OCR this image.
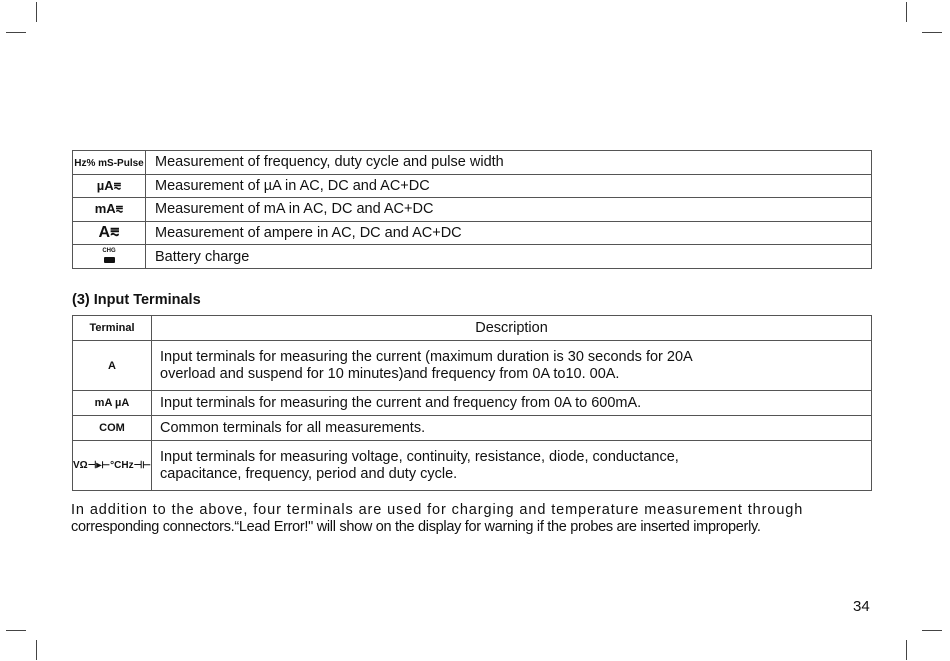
Hz% mS-Pulse	Measurement of frequency, duty cycle and pulse width
µA⩳	Measurement of µA in AC, DC and AC+DC
mA⩳	Measurement of mA in AC, DC and AC+DC
A⩳	Measurement of ampere in AC, DC and AC+DC

CHG	Battery charge
(3) Input Terminals
Terminal	Description
A	Input terminals for measuring the current (maximum duration is 30 seconds for 20A
overload and suspend for 10 minutes)and frequency from 0A to10. 00A.

mA µA	Input terminals for measuring the current and frequency from 0A to 600mA.
COM	Common terminals for all measurements.
VΩ⊣▸⊢°CHz⊣⊢	Input terminals for measuring voltage, continuity, resistance, diode, conductance,
capacitance, frequency, period and duty cycle.
In addition to the above, four terminals are used for charging and temperature measurement through
corresponding connectors.“Lead Error!" will show on the display for warning if the probes are inserted improperly.
34
